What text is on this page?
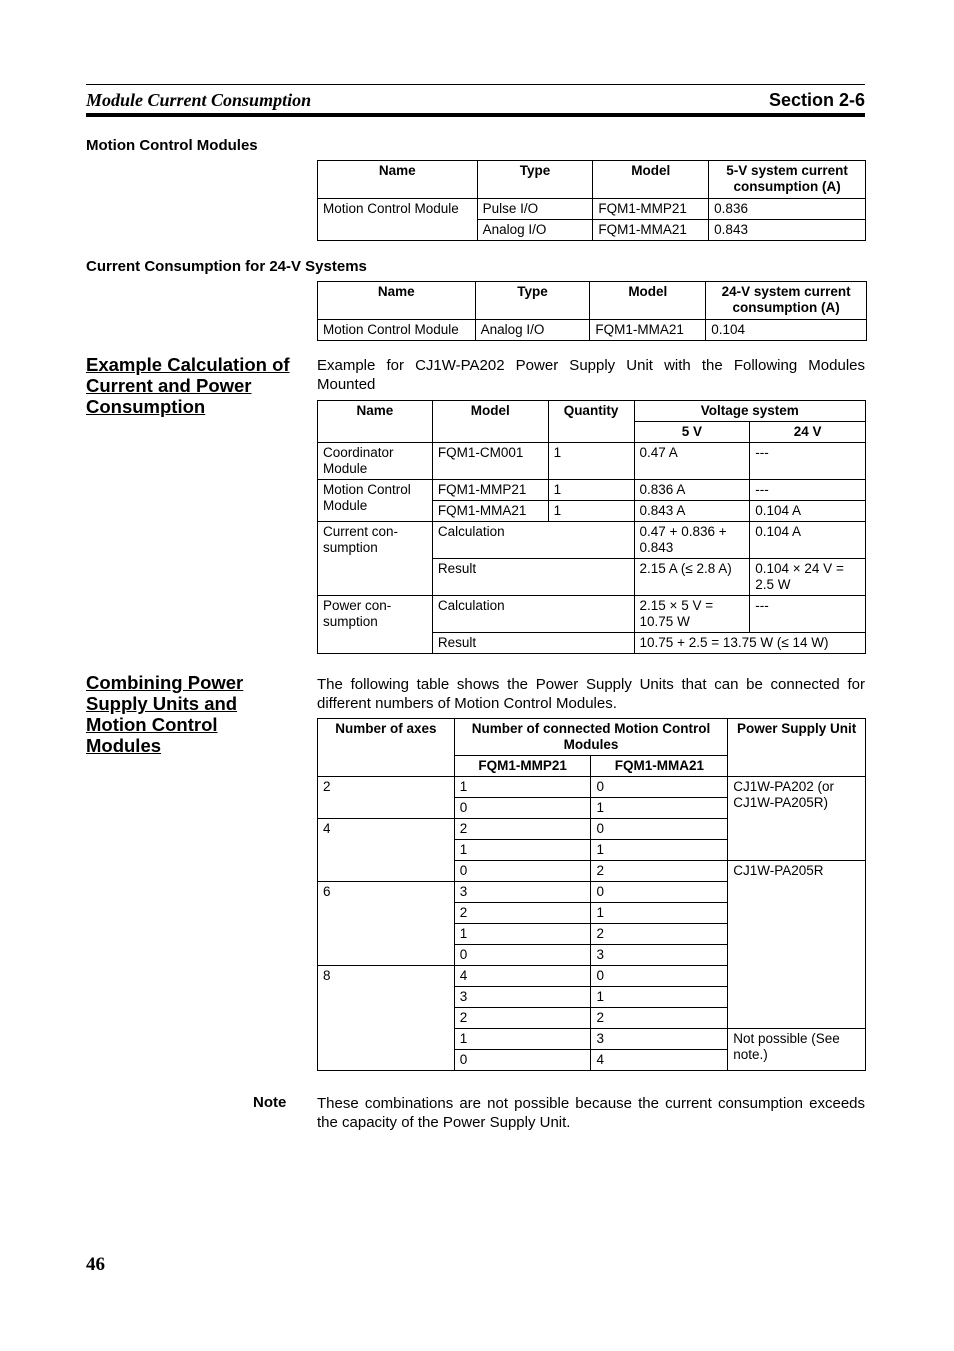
Module Current Consumption	Section 2-6
Motion Control Modules
Name	Type	Model	5-V system current consumption (A)
Motion Control Module	Pulse I/O	FQM1-MMP21	0.836
	Analog I/O	FQM1-MMA21	0.843
Current Consumption for 24-V Systems
Name	Type	Model	24-V system current consumption (A)
Motion Control Module	Analog I/O	FQM1-MMA21	0.104
Example Calculation of Current and Power Consumption
Example for CJ1W-PA202 Power Supply Unit with the Following Modules Mounted
Name	Model	Quantity	Voltage system	
			5 V	24 V
Coordinator Module	FQM1-CM001	1	0.47 A	---
Motion Control Module	FQM1-MMP21	1	0.836 A	---
	FQM1-MMA21	1	0.843 A	0.104 A
Current con-sumption	Calculation		0.47 + 0.836 + 0.843	0.104 A
	Result		2.15 A (≤ 2.8 A)	0.104 × 24 V = 2.5 W
Power con-sumption	Calculation		2.15 × 5 V = 10.75 W	---
	Result		10.75 + 2.5 = 13.75 W (≤ 14 W)	
Combining Power Supply Units and Motion Control Modules
The following table shows the Power Supply Units that can be connected for different numbers of Motion Control Modules.
Number of axes	Number of connected Motion Control Modules		Power Supply Unit
	FQM1-MMP21	FQM1-MMA21	
2	1	0	CJ1W-PA202 (or CJ1W-PA205R)
	0	1	
4	2	0	
	1	1	
	0	2	CJ1W-PA205R
6	3	0	
	2	1	
	1	2	
	0	3	
8	4	0	
	3	1	
	2	2	
	1	3	Not possible (See note.)
	0	4	
Note These combinations are not possible because the current consumption exceeds the capacity of the Power Supply Unit.
46
